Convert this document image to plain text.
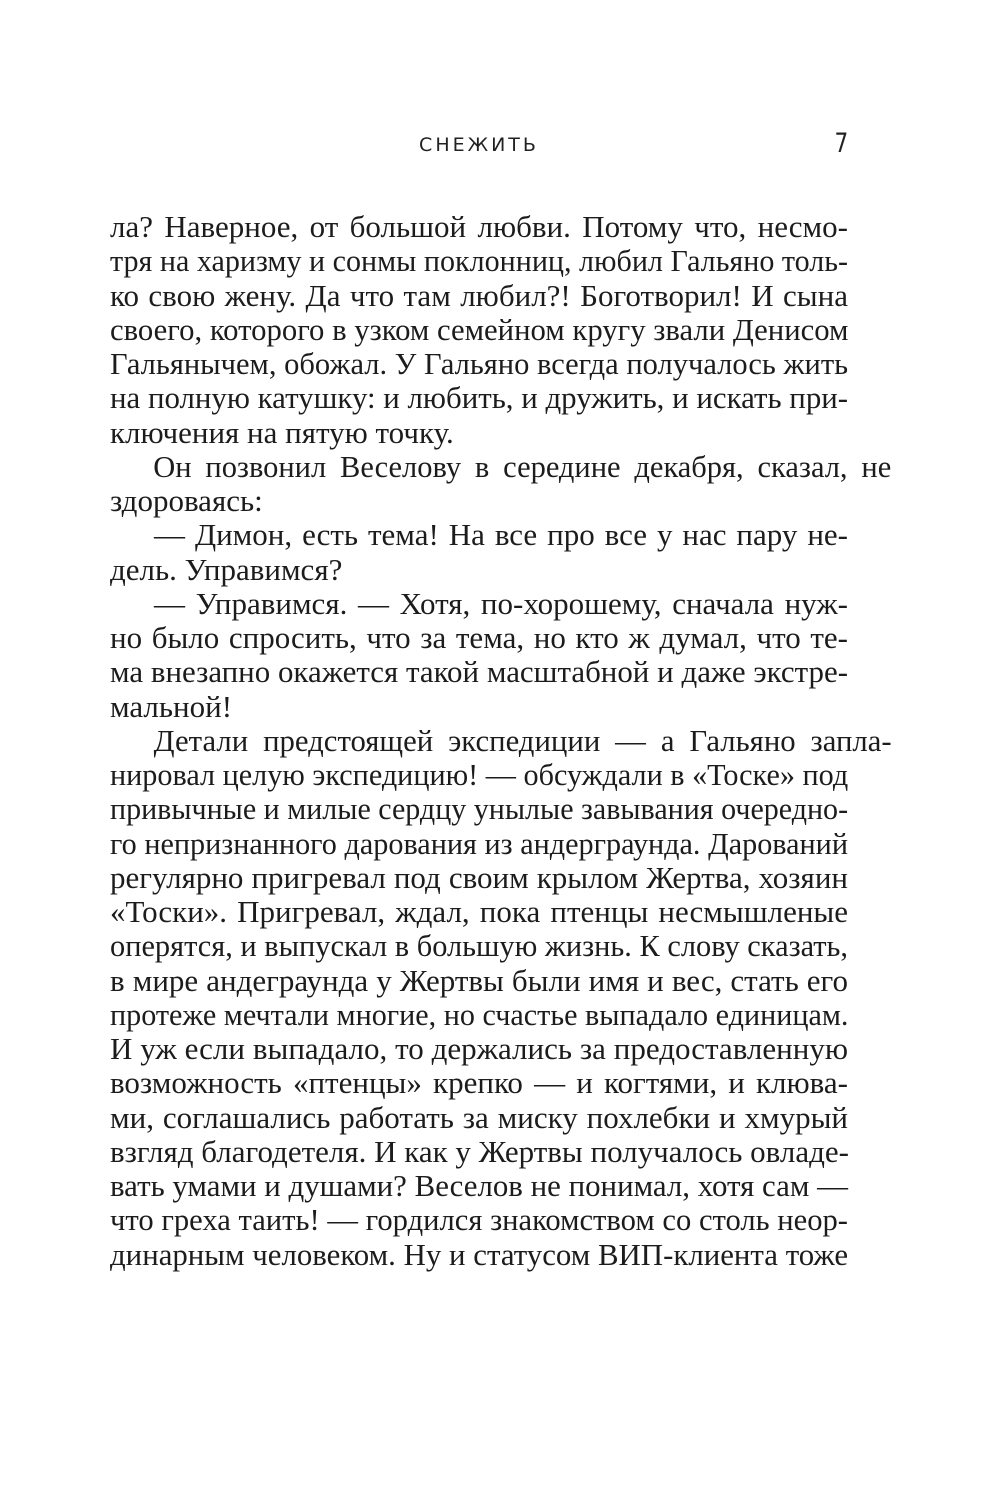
СНЕЖИТЬ	7
ла? Наверное, от большой любви. Потому что, несмо-
тря на харизму и сонмы поклонниц, любил Гальяно толь-
ко свою жену. Да что там любил?! Боготворил! И сына
своего, которого в узком семейном кругу звали Денисом
Гальянычем, обожал. У Гальяно всегда получалось жить
на полную катушку: и любить, и дружить, и искать при-
ключения на пятую точку.
Он позвонил Веселову в середине декабря, сказал, не
здороваясь:
— Димон, есть тема! На все про все у нас пару не-
дель. Управимся?
— Управимся. — Хотя, по-хорошему, сначала нуж-
но было спросить, что за тема, но кто ж думал, что те-
ма внезапно окажется такой масштабной и даже экстре-
мальной!
Детали предстоящей экспедиции — а Гальяно запла-
нировал целую экспедицию! — обсуждали в «Тоске» под
привычные и милые сердцу унылые завывания очередно-
го непризнанного дарования из андерграунда. Дарований
регулярно пригревал под своим крылом Жертва, хозяин
«Тоски». Пригревал, ждал, пока птенцы несмышленые
оперятся, и выпускал в большую жизнь. К слову сказать,
в мире андеграунда у Жертвы были имя и вес, стать его
протеже мечтали многие, но счастье выпадало единицам.
И уж если выпадало, то держались за предоставленную
возможность «птенцы» крепко — и когтями, и клюва-
ми, соглашались работать за миску похлебки и хмурый
взгляд благодетеля. И как у Жертвы получалось овладе-
вать умами и душами? Веселов не понимал, хотя сам —
что греха таить! — гордился знакомством со столь неор-
динарным человеком. Ну и статусом ВИП-клиента тоже
